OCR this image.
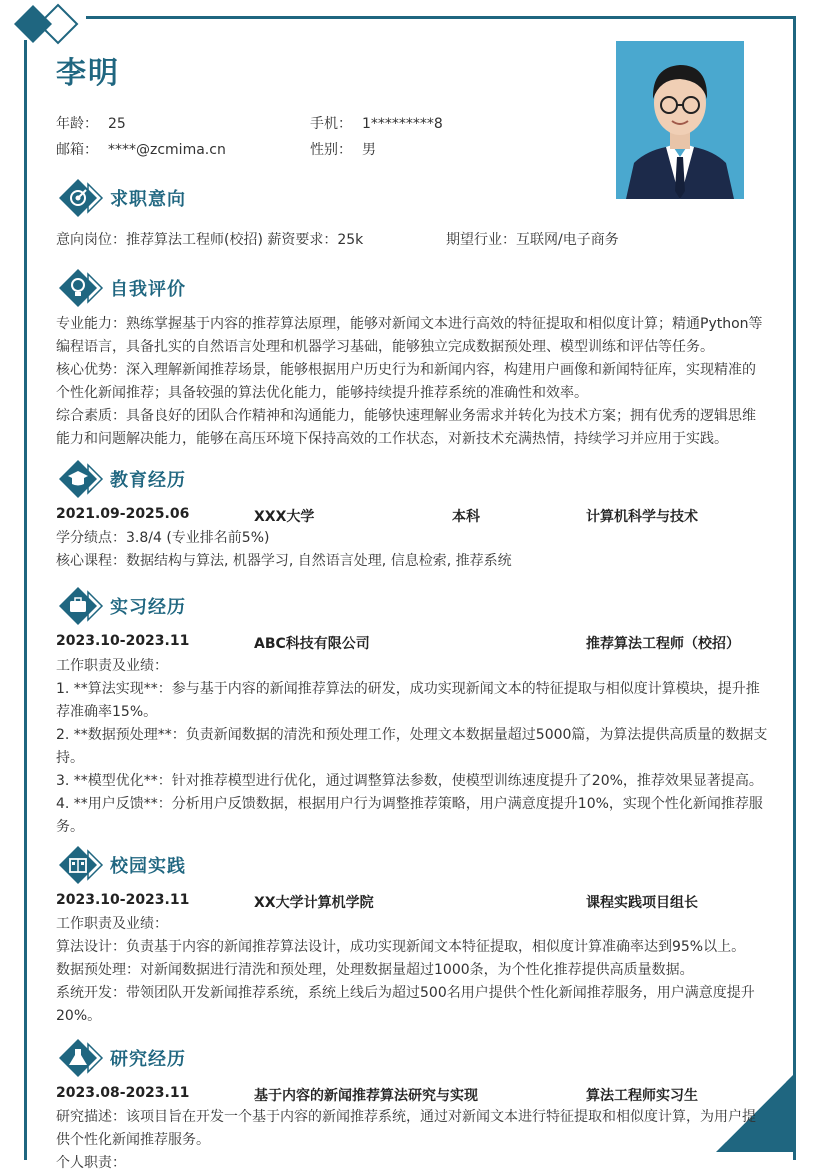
李明
年龄： 25	手机： 1*********8
邮箱： ****@zcmima.cn	性别： 男
求职意向
意向岗位：推荐算法工程师(校招) 薪资要求：25k	期望行业：互联网/电子商务
自我评价

专业能力：熟练掌握基于内容的推荐算法原理，能够对新闻文本进行高效的特征提取和相似度计算；精通Python等编程语言，具备扎实的自然语言处理和机器学习基础，能够独立完成数据预处理、模型训练和评估等任务。

核心优势：深入理解新闻推荐场景，能够根据用户历史行为和新闻内容，构建用户画像和新闻特征库，实现精准的个性化新闻推荐；具备较强的算法优化能力，能够持续提升推荐系统的准确性和效率。

综合素质：具备良好的团队合作精神和沟通能力，能够快速理解业务需求并转化为技术方案；拥有优秀的逻辑思维能力和问题解决能力，能够在高压环境下保持高效的工作状态，对新技术充满热情，持续学习并应用于实践。

教育经历
2021.09-2025.06	XXX大学	本科	计算机科学与技术

学分绩点：3.8/4 (专业排名前5%)

核心课程：数据结构与算法, 机器学习, 自然语言处理, 信息检索, 推荐系统

实习经历
2023.10-2023.11	ABC科技有限公司	推荐算法工程师（校招）

工作职责及业绩：

1. **算法实现**：参与基于内容的新闻推荐算法的研发，成功实现新闻文本的特征提取与相似度计算模块，提升推荐准确率15%。

2. **数据预处理**：负责新闻数据的清洗和预处理工作，处理文本数据量超过5000篇，为算法提供高质量的数据支持。

3. **模型优化**：针对推荐模型进行优化，通过调整算法参数，使模型训练速度提升了20%，推荐效果显著提高。

4. **用户反馈**：分析用户反馈数据，根据用户行为调整推荐策略，用户满意度提升10%，实现个性化新闻推荐服务。

校园实践
2023.10-2023.11	XX大学计算机学院	课程实践项目组长

工作职责及业绩：

算法设计：负责基于内容的新闻推荐算法设计，成功实现新闻文本特征提取，相似度计算准确率达到95%以上。

数据预处理：对新闻数据进行清洗和预处理，处理数据量超过1000条，为个性化推荐提供高质量数据。

系统开发：带领团队开发新闻推荐系统，系统上线后为超过500名用户提供个性化新闻推荐服务，用户满意度提升20%。

研究经历
2023.08-2023.11	基于内容的新闻推荐算法研究与实现	算法工程师实习生

研究描述：该项目旨在开发一个基于内容的新闻推荐系统，通过对新闻文本进行特征提取和相似度计算，为用户提供个性化新闻推荐服务。

个人职责：
